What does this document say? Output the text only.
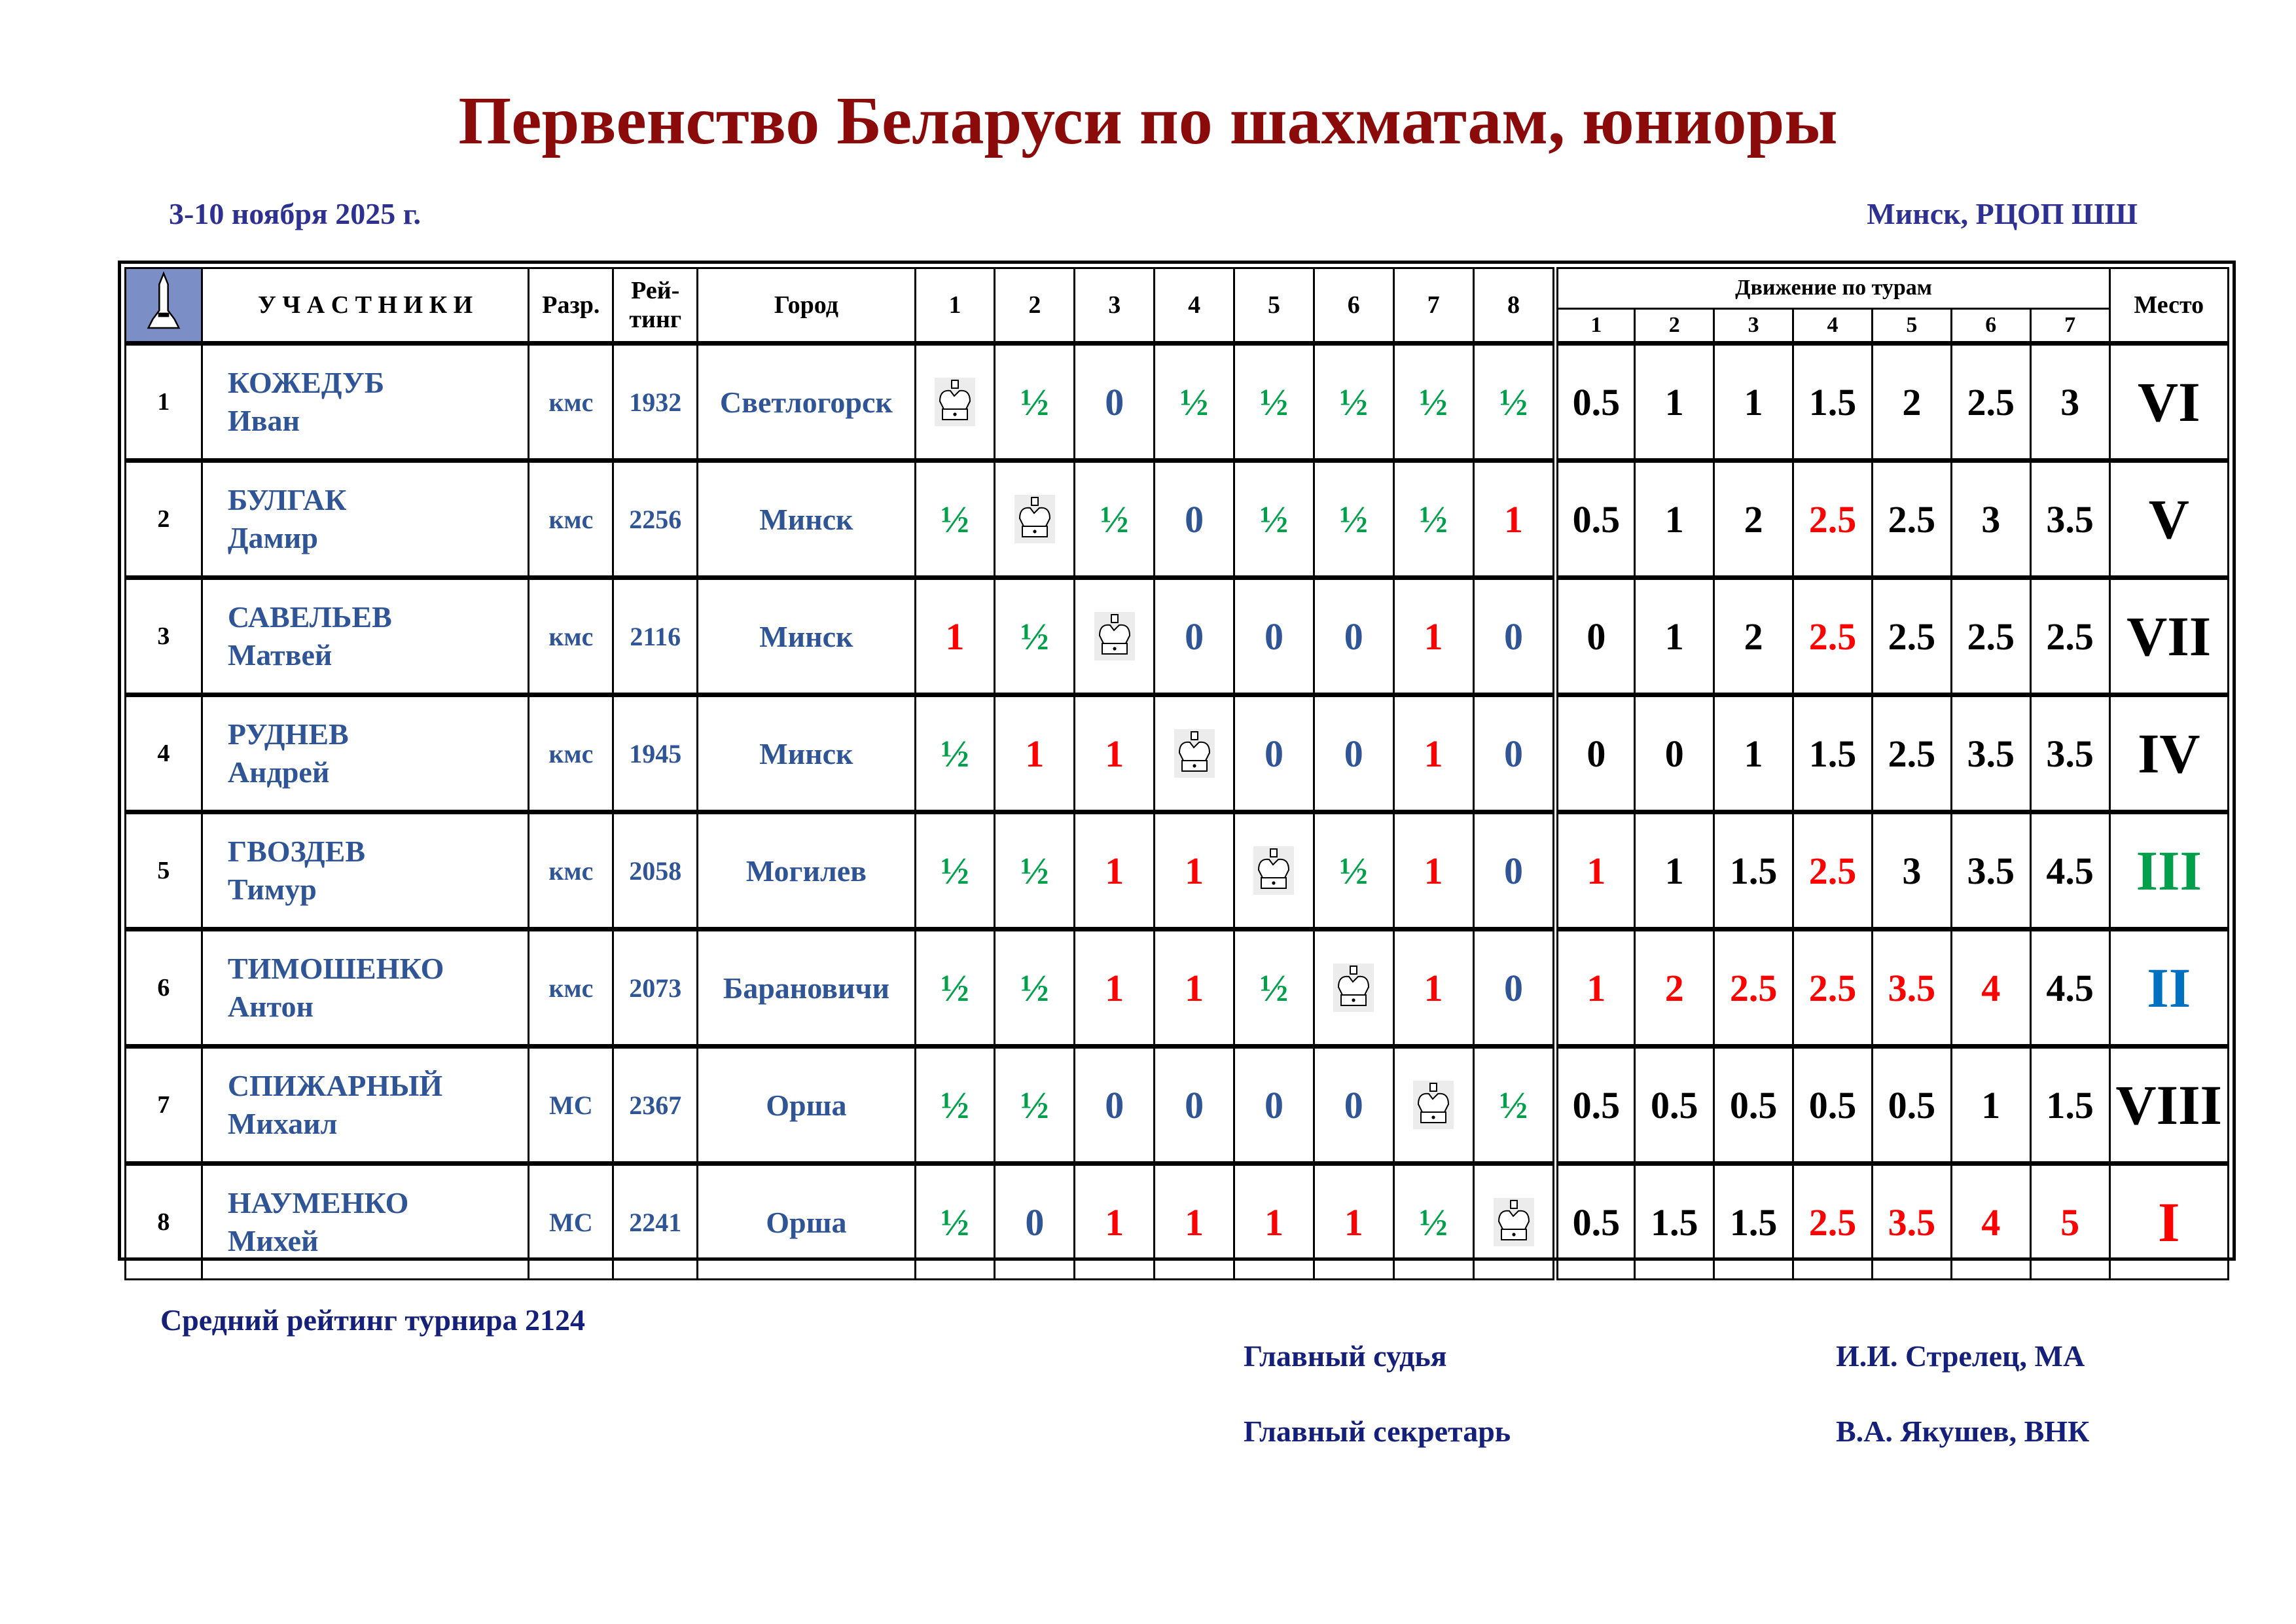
Первенство Беларуси по шахматам, юниоры
3-10 ноября 2025 г.	Минск, РЦОП ШШ
	У Ч А С Т Н И К И	Разр.	Рей-
тинг	Город	1	2	3	4	5	6	7	8	Движение по турам							Место
													1	2	3	4	5	6	7	
1	КОЖЕДУБ
Иван	кмс	1932	Светлогорск		½	0	½	½	½	½	½	0.5	1	1	1.5	2	2.5	3	VI
2	БУЛГАК
Дамир	кмс	2256	Минск	½		½	0	½	½	½	1	0.5	1	2	2.5	2.5	3	3.5	V
3	САВЕЛЬЕВ
Матвей	кмс	2116	Минск	1	½		0	0	0	1	0	0	1	2	2.5	2.5	2.5	2.5	VII
4	РУДНЕВ
Андрей	кмс	1945	Минск	½	1	1		0	0	1	0	0	0	1	1.5	2.5	3.5	3.5	IV
5	ГВОЗДЕВ
Тимур	кмс	2058	Могилев	½	½	1	1		½	1	0	1	1	1.5	2.5	3	3.5	4.5	III
6	ТИМОШЕНКО
Антон	кмс	2073	Барановичи	½	½	1	1	½		1	0	1	2	2.5	2.5	3.5	4	4.5	II
7	СПИЖАРНЫЙ
Михаил	МС	2367	Орша	½	½	0	0	0	0		½	0.5	0.5	0.5	0.5	0.5	1	1.5	VIII
8	НАУМЕНКО
Михей	МС	2241	Орша	½	0	1	1	1	1	½		0.5	1.5	1.5	2.5	3.5	4	5	I
Средний рейтинг турнира 2124
Главный судья	И.И. Стрелец, МА
Главный секретарь	В.А. Якушев, ВНК
